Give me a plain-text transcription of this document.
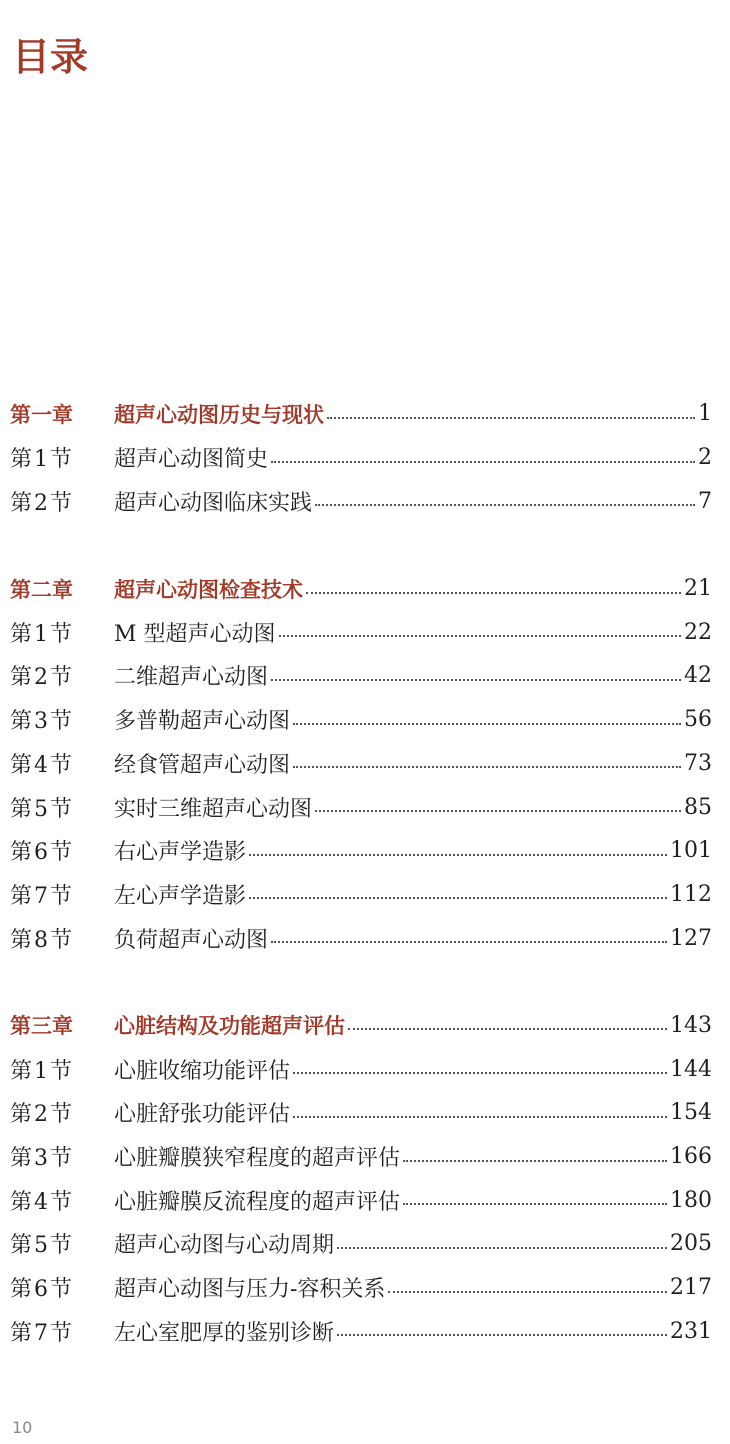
目录
第一章	超声心动图历史与现状	1
第1节	超声心动图简史	2
第2节	超声心动图临床实践	7
第二章	超声心动图检查技术	21
第1节	M 型超声心动图	22
第2节	二维超声心动图	42
第3节	多普勒超声心动图	56
第4节	经食管超声心动图	73
第5节	实时三维超声心动图	85
第6节	右心声学造影	101
第7节	左心声学造影	112
第8节	负荷超声心动图	127
第三章	心脏结构及功能超声评估	143
第1节	心脏收缩功能评估	144
第2节	心脏舒张功能评估	154
第3节	心脏瓣膜狭窄程度的超声评估	166
第4节	心脏瓣膜反流程度的超声评估	180
第5节	超声心动图与心动周期	205
第6节	超声心动图与压力-容积关系	217
第7节	左心室肥厚的鉴别诊断	231
10
